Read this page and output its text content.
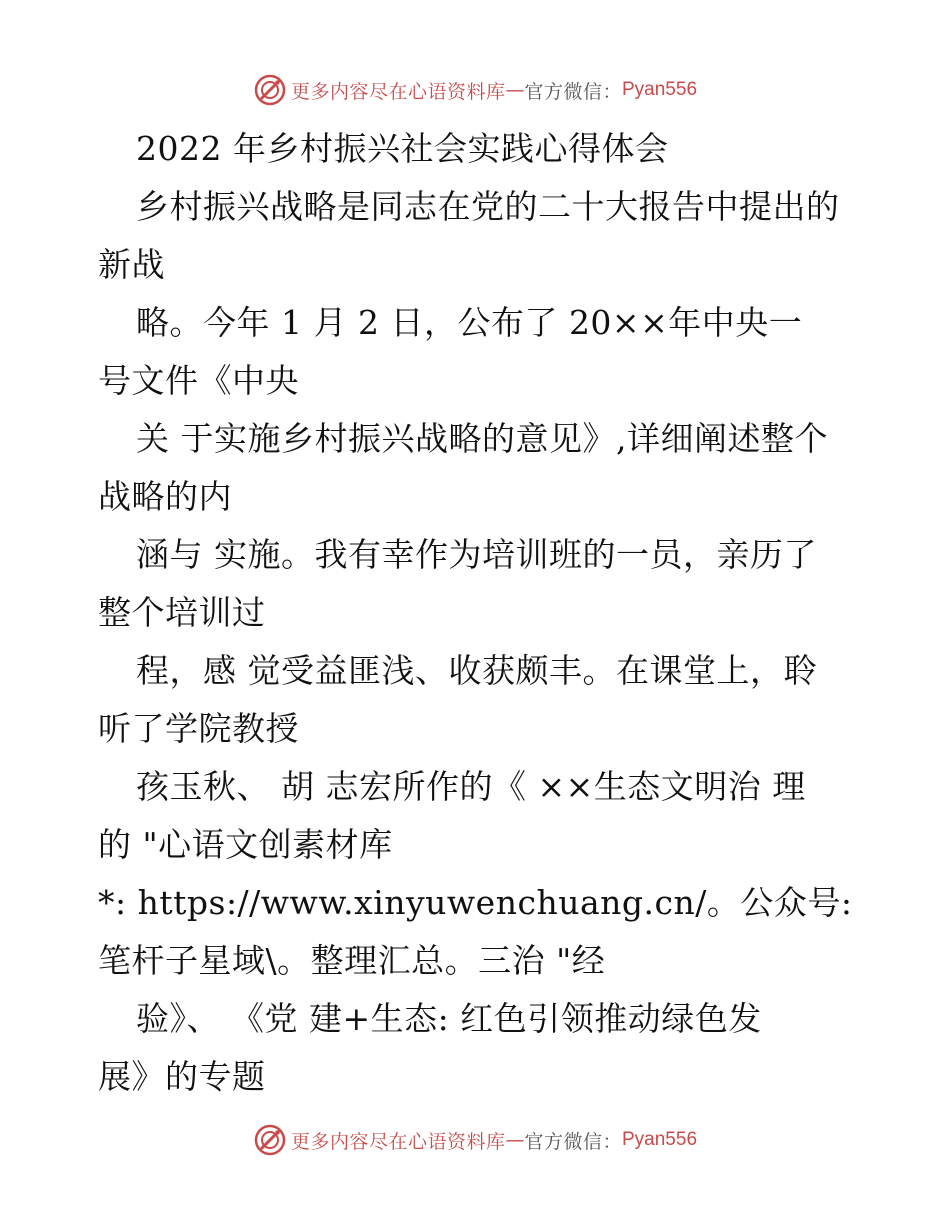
更多内容尽在心语资料库 — 官方微信： Pyan556
2022 年乡村振兴社会实践心得体会
乡村振兴战略是同志在党的二十大报告中提出的
新战
略。今年 1 月 2 日，公布了 20××年中央一
号文件《中央
关 于实施乡村振兴战略的意见》,详细阐述整个
战略的内
涵与 实施。我有幸作为培训班的一员，亲历了
整个培训过
程，感 觉受益匪浅、收获颇丰。在课堂上，聆
听了学院教授
孩玉秋、 胡 志宏所作的《 ××生态文明治 理
的 "心语文创素材库
*: https://www.xinyuwenchuang.cn/。公众号:
笔杆子星域\。整理汇总。三治 "经
验》、 《党 建+生态: 红色引领推动绿色发
展》的专题
更多内容尽在心语资料库 — 官方微信： Pyan556
